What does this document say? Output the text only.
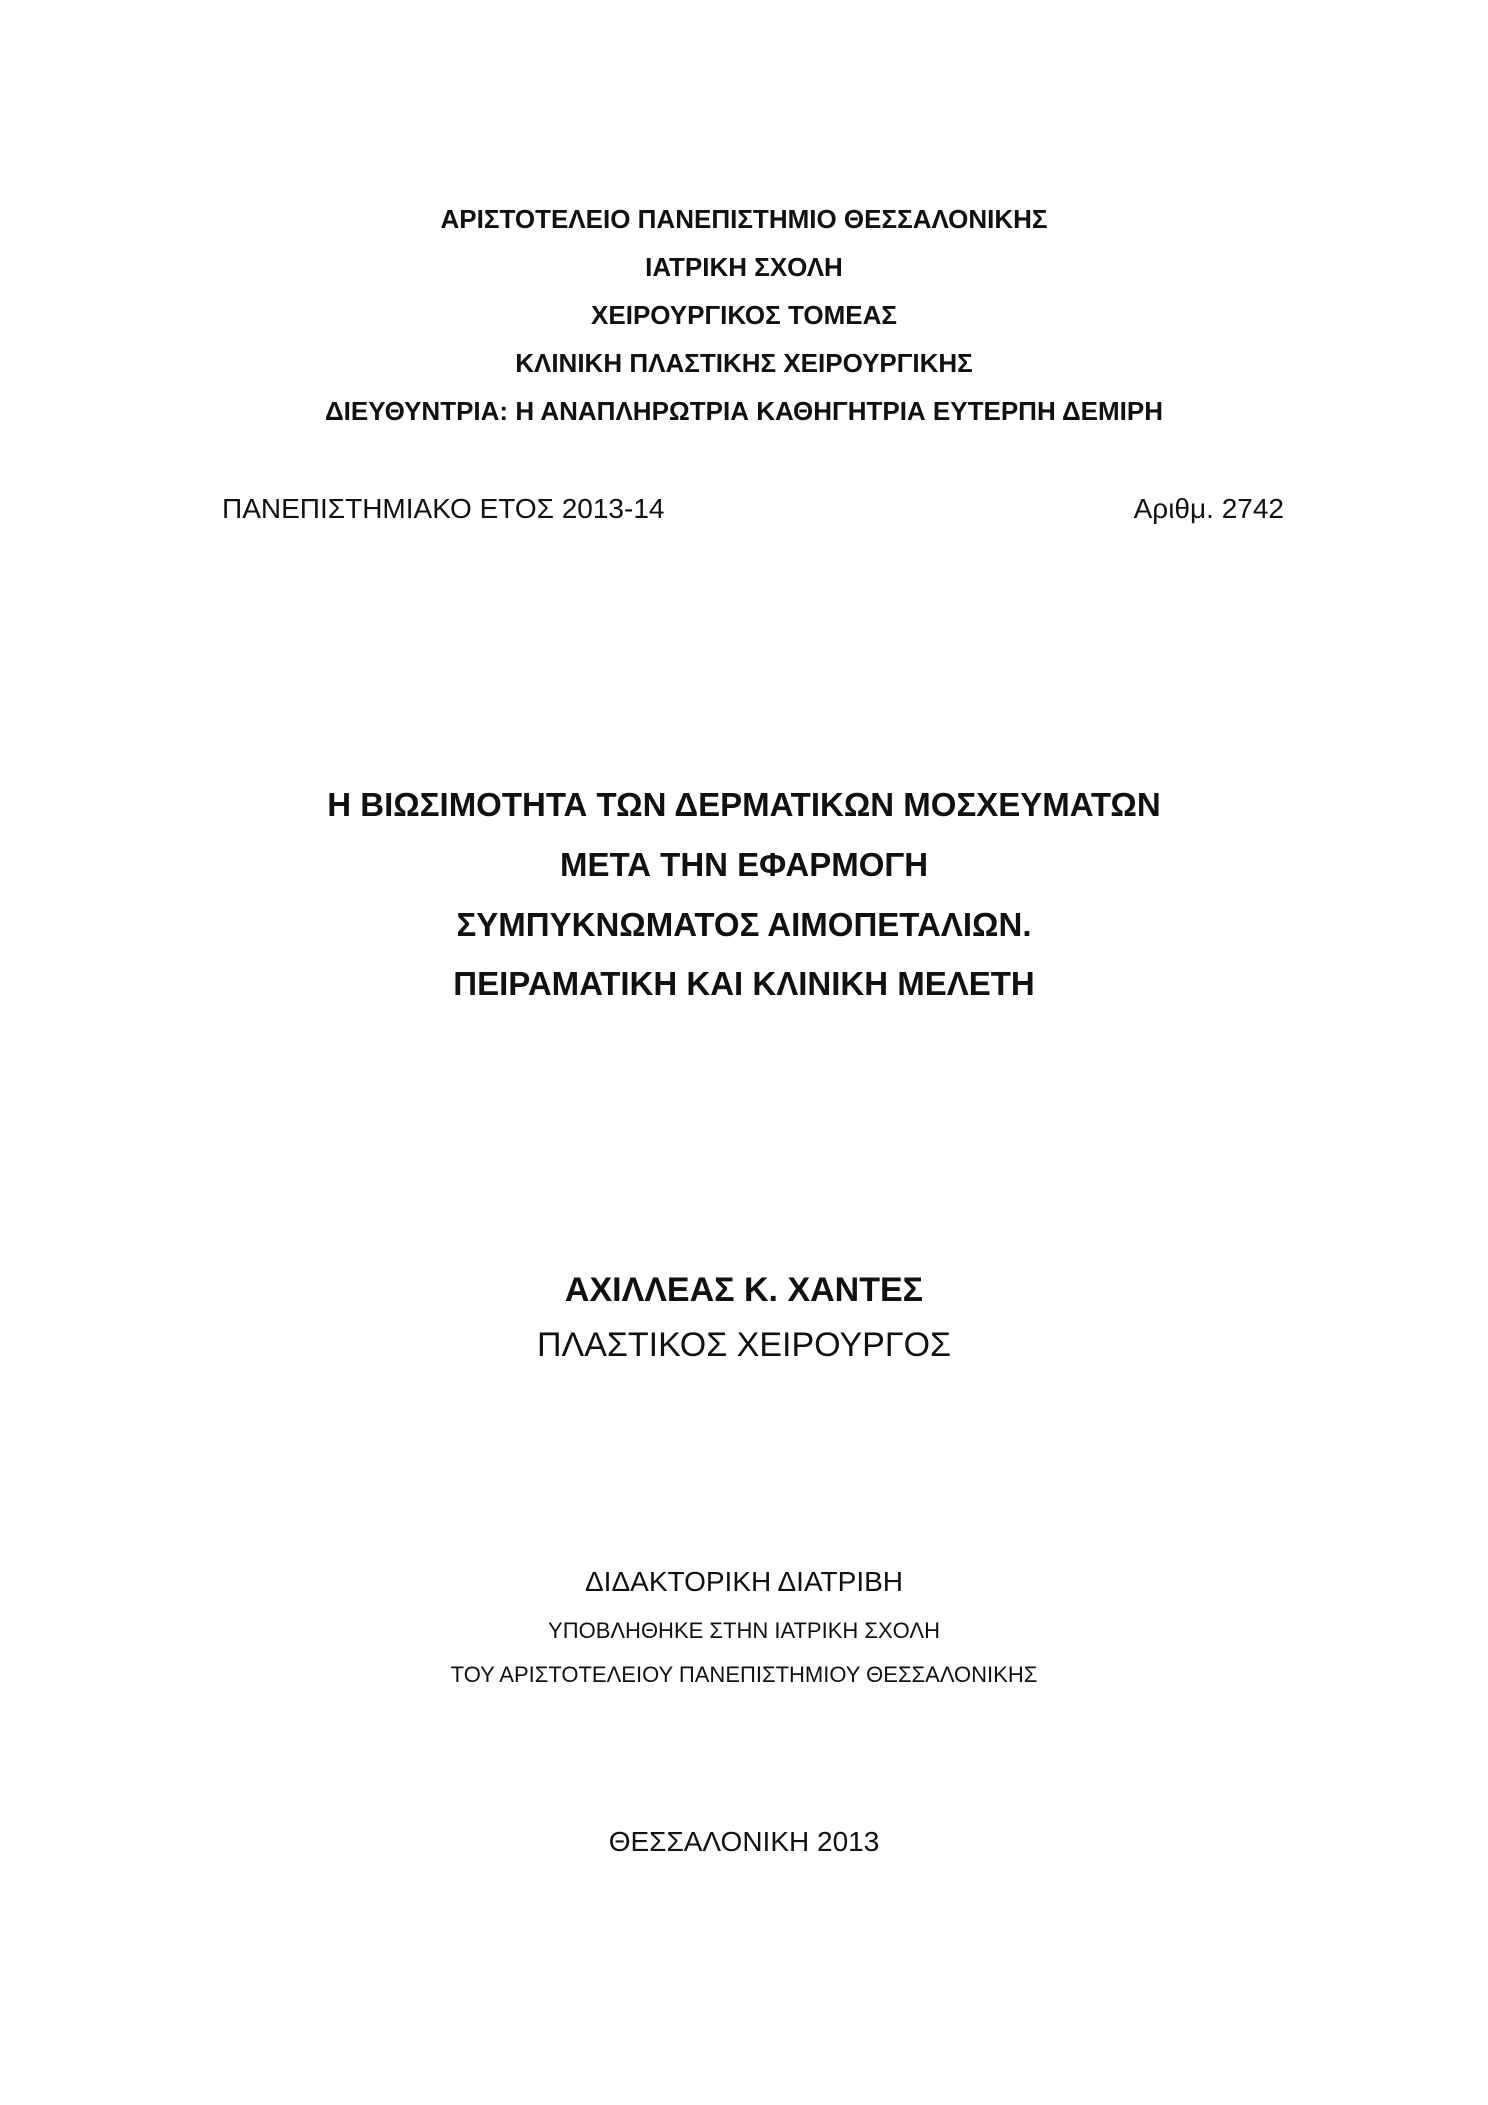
ΑΡΙΣΤΟΤΕΛΕΙΟ ΠΑΝΕΠΙΣΤΗΜΙΟ ΘΕΣΣΑΛΟΝΙΚΗΣ
ΙΑΤΡΙΚΗ ΣΧΟΛΗ
ΧΕΙΡΟΥΡΓΙΚΟΣ ΤΟΜΕΑΣ
ΚΛΙΝΙΚΗ ΠΛΑΣΤΙΚΗΣ ΧΕΙΡΟΥΡΓΙΚΗΣ
ΔΙΕΥΘΥΝΤΡΙΑ: Η ΑΝΑΠΛΗΡΩΤΡΙΑ ΚΑΘΗΓΗΤΡΙΑ ΕΥΤΕΡΠΗ ΔΕΜΙΡΗ
ΠΑΝΕΠΙΣΤΗΜΙΑΚΟ ΕΤΟΣ 2013-14	Αριθμ. 2742
Η ΒΙΩΣΙΜΟΤΗΤΑ ΤΩΝ ΔΕΡΜΑΤΙΚΩΝ ΜΟΣΧΕΥΜΑΤΩΝ
ΜΕΤΑ ΤΗΝ ΕΦΑΡΜΟΓΗ
ΣΥΜΠΥΚΝΩΜΑΤΟΣ ΑΙΜΟΠΕΤΑΛΙΩΝ.
ΠΕΙΡΑΜΑΤΙΚΗ ΚΑΙ ΚΛΙΝΙΚΗ ΜΕΛΕΤΗ
ΑΧΙΛΛΕΑΣ Κ. ΧΑΝΤΕΣ
ΠΛΑΣΤΙΚΟΣ ΧΕΙΡΟΥΡΓΟΣ
ΔΙΔΑΚΤΟΡΙΚΗ ΔΙΑΤΡΙΒΗ
ΥΠΟΒΛΗΘΗΚΕ ΣΤΗΝ ΙΑΤΡΙΚΗ ΣΧΟΛΗ
ΤΟΥ ΑΡΙΣΤΟΤΕΛΕΙΟΥ ΠΑΝΕΠΙΣΤΗΜΙΟΥ ΘΕΣΣΑΛΟΝΙΚΗΣ
ΘΕΣΣΑΛΟΝΙΚΗ 2013
